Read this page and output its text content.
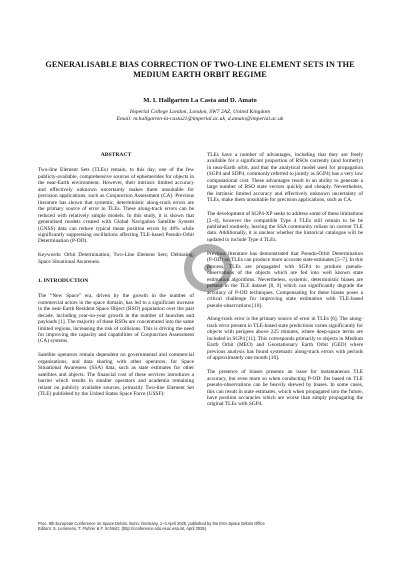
GENERALISABLE BIAS CORRECTION OF TWO-LINE ELEMENT SETS IN THE
MEDIUM EARTH ORBIT REGIME
M. I. Hallgarten La Casta and D. Amato
Imperial College London, London, SW7 2AZ, United Kingdom
Email: m.hallgarten-la-casta21@imperial.ac.uk, d.amato@imperial.ac.uk
ABSTRACT

Two-line Element Sets (TLEs) remain, to this day, one of the few publicly-available, comprehensive sources of ephemerides for objects in the near-Earth environment. However, their intrinsic limited accuracy and effectively unknown uncertainty makes them unsuitable for precision applications, such as Conjunction Assessment (CA). Previous literature has shown that systemic, deterministic along-track errors are the primary source of error in TLEs. These along-track errors can be reduced with relatively simple models. In this study, it is shown that generalised models created with Global Navigation Satellite System (GNSS) data can reduce typical mean position errors by 40% while significantly suppressing oscillations affecting TLE-based Pseudo-Orbit Determination (P-OD).

Keywords: Orbit Determination; Two-Line Element Sets; Debiasing; Space Situational Awareness.

1. INTRODUCTION

The “New Space” era, driven by the growth in the number of commercial actors in the space domain, has led to a significant increase in the near-Earth Resident Space Object (RSO) population over the past decade, including year-on-year growth in the number of launches and payloads [1]. The majority of these RSOs are concentrated into the same limited regions, increasing the risk of collisions. This is driving the need for improving the capacity and capabilities of Conjunction Assessment (CA) systems.

Satellite operators remain dependent on governmental and commercial organisations, and data sharing with other operators, for Space Situational Awareness (SSA) data, such as state estimates for other satellites and objects. The financial cost of these services introduces a barrier which results in smaller operators and academia remaining reliant on publicly available sources, primarily Two-line Element Set (TLE) published by the United States Space Force (USSF):

TLEs have a number of advantages, including that they are freely available for a significant proportion of RSOs currently (and formerly) in near-Earth orbit, and that the analytical model used for propagation (SGP4 and SDP4, commonly referred to jointly as SGP4) has a very low computational cost. These advantages result in an ability to generate a large number of RSO state vectors quickly and cheaply. Nevertheless, the intrinsic limited accuracy and effectively unknown uncertainty of TLEs, make them unsuitable for precision applications, such as CA.

The development of SGP4-XP seeks to address some of these limitations [2–4], however the compatible Type 4 TLEs still remain to be be published routinely, leaving the SSA community reliant on current TLE data. Additionally, it is unclear whether the historical catalogue will be updated to include Type 4 TLEs.

Previous literature has demonstrated that Pseudo-Orbit Determination (P-OD) on TLEs can produce more accurate state estimates [5–7]. In this process, TLEs are propagated with SGP4 to produce pseudo-observations of the objects which are fed into well known state estimation algorithms. Nevertheless, systemic, deterministic biases are present in the TLE dataset [8, 9] which can significantly degrade the accuracy of P-OD techniques. Compensating for these biases poses a critical challenge for improving state estimation with TLE-based pseudo-observations [10].

Along-track error is the primary source of error in TLEs [6]. The along-track error present in TLE-based state predictions varies significantly for objects with perigees above 225 minutes, where deep-space terms are included in SGP4 [11]. This corresponds primarily to objects in Medium Earth Orbit (MEO) and Geostationary Earth Orbit (GEO) where previous analysis has found systematic along-track errors with periods of approximately one month [10].

The presence of biases presents an issue for instantaneous TLE accuracy, but even more so when conducting P-OD: fits based on TLE pseudo-observations can be heavily skewed by biases. In some cases, this can result in state estimates, which when propagated into the future, have position accuracies which are worse than simply propagating the original TLEs with SGP4.

Proc. 9th European Conference on Space Debris, Bonn, Germany, 1–4 April 2025, published by the ESA Space Debris Office
Editors: S. Lemmens, T. Flohrer & F. Schmitz, (http://conference.sdo.esoc.esa.int, April 2025)
